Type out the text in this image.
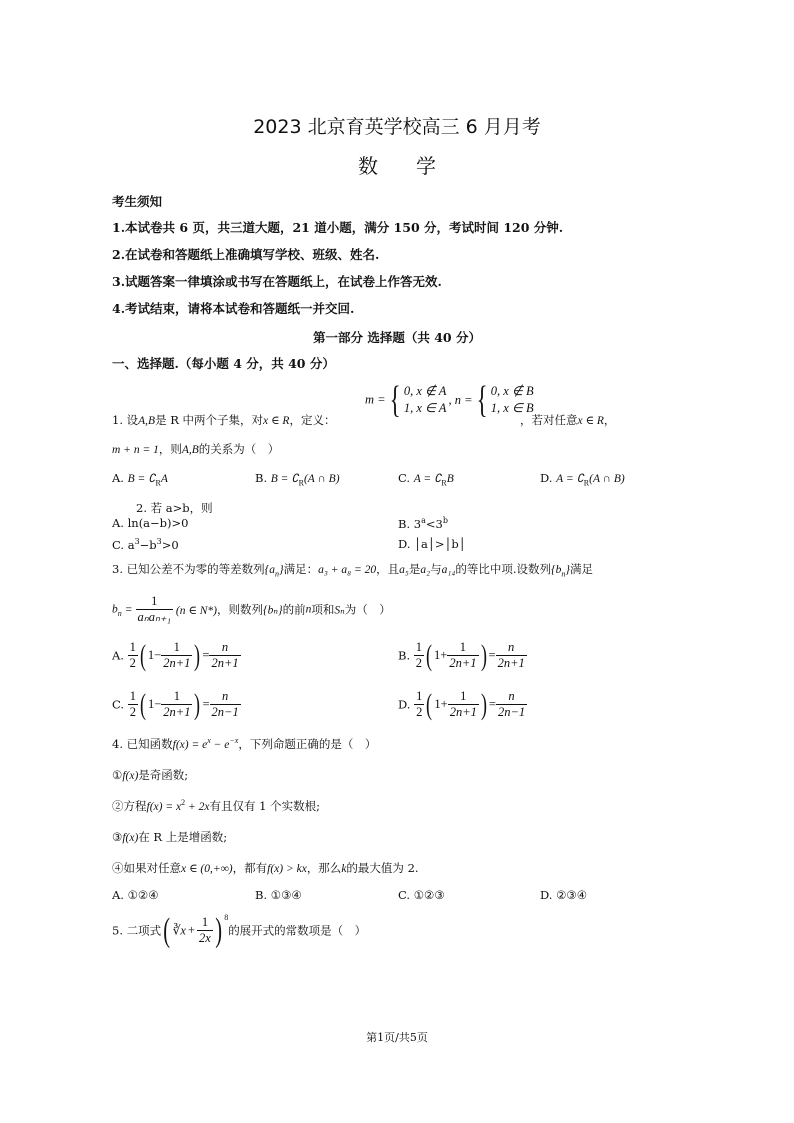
2023 北京育英学校高三 6 月月考
数学
考生须知
1.本试卷共 6 页，共三道大题，21 道小题，满分 150 分，考试时间 120 分钟.
2.在试卷和答题纸上准确填写学校、班级、姓名.
3.试题答案一律填涂或书写在答题纸上，在试卷上作答无效.
4.考试结束，请将本试卷和答题纸一并交回.
第一部分 选择题（共 40 分）
一、选择题.（每小题 4 分，共 40 分）
1. 设A,B是 R 中两个子集，对x ∈ R，定义：
m ={ 0, x ∉ A
1, x ∈ A
, n ={ 0, x ∉ B
1, x ∈ B
，若对任意x ∈ R，
m + n = 1，则A,B的关系为（　）
A. $B = ∁_RA$	B. $B = ∁_R(A$ ∩ B)	C. $A = ∁_RB$	D. $A = ∁_R(A$ ∩ B)
2. 若 a>b，则
A. ln(a−b)>0	B. $3^a<3^b$
C. $a^3-b^3>0$	D. │a│>│b│
3. 已知公差不为零的等差数列$\{a_n\}$满足：a₃ + a₈ = 20，且a₅是a₂与a₁₄的等比中项.设数列$\{b_n\}$满足
$b_n = \frac{1}{\text{aₙaₙ₊₁}} (n$ ∈ N*)，则数列{bₙ}的前n项和Sₙ为（　）
A. $\frac{1}{2}$ ( $1- \frac{1}{2n+1}$ ) = $\frac{n}{2n+1}$	B. $\frac{1}{2}$ ( $1+ \frac{1}{2n+1}$ ) = $\frac{n}{2n+1}$
C. $\frac{1}{2}$ ( $1- \frac{1}{2n+1}$ ) = $\frac{n}{2n-1}$	D. $\frac{1}{2}$ ( $1+ \frac{1}{2n+1}$ ) = $\frac{n}{2n-1}$
4. 已知函数$f(x) = e^x - e^{-x}$，下列命题正确的是（　）
①f(x)是奇函数;
②方程$f(x) = x^2 + 2x$有且仅有 1 个实数根;
③f(x)在 R 上是增函数;
④如果对任意x ∈ (0,+∞)，都有f(x) > kx，那么k的最大值为 2.
A. ①②④	B. ①③④	C. ①②③	D. ②③④
5. 二项式( ∛x + $\frac{1}{2x}$ ) $^8$的展开式的常数项是（　）
第1页/共5页
